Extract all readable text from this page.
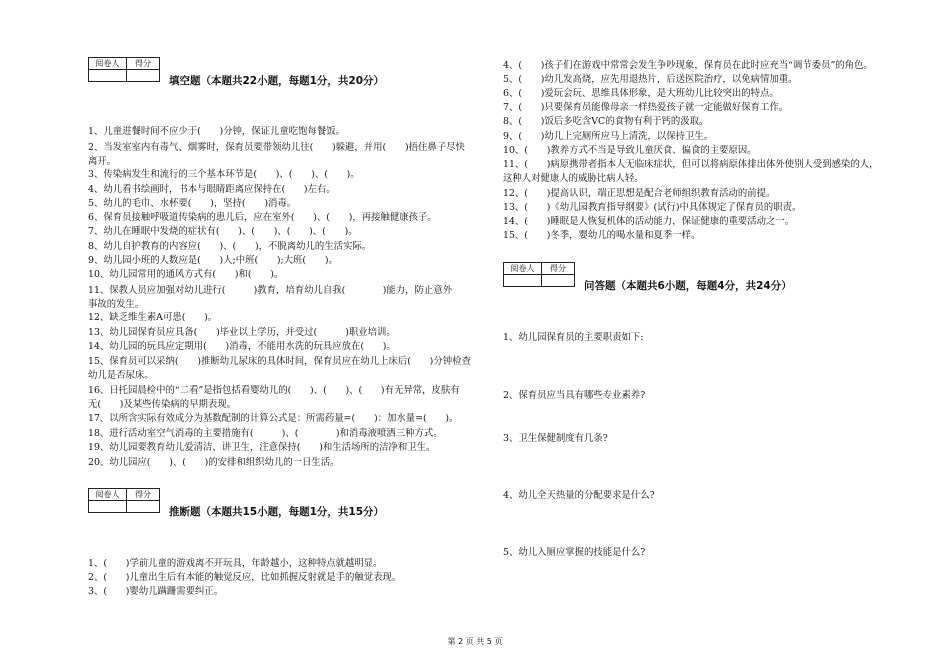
阅卷人	得分

填空题（本题共22小题，每题1分，共20分）
1、儿童进餐时间不应少于(　　)分钟，保证儿童吃饱每餐饭。
2、当发室室内有毒气、烟雾时，保育员要带领幼儿往(　　)躲避，并用(　　)捂住鼻子尽快
离开。
3、传染病发生和流行的三个基本环节是(　　)、(　　)、(　　)。
4、幼儿看书绘画时，书本与眼睛距离应保持在(　　)左右。
5、幼儿的毛巾、水杯要(　　)，坚持(　　)消毒。
6、保育员接触呼吸道传染病的患儿后，应在室外(　　)、(　　)，再接触健康孩子。
7、幼儿在睡眠中发烧的症状有(　　)、(　　)、(　　)、(　　)。
8、幼儿自护教育的内容应(　　)、(　　)，不脱离幼儿的生活实际。
9、幼儿园小班的人数应是(　　)人;中班(　　);大班(　　)。
10、幼儿园常用的通风方式有(　　)和(　　)。
11、保教人员应加强对幼儿进行(　　　)教育，培育幼儿自我(　　　　)能力，防止意外
事故的发生。
12、缺乏维生素A可患(　　)。
13、幼儿园保育员应具备(　　)毕业以上学历，并受过(　　　)职业培训。
14、幼儿园的玩具应定期用(　　)消毒，不能用水洗的玩具应放在(　　)。
15、保育员可以采纳(　　)推断幼儿尿床的具体时间，保育员应在幼儿上床后(　　)分钟检查
幼儿是否尿床。
16、日托园晨检中的“二看”是指包括看婴幼儿的(　　)、(　　)、(　　)有无异常，皮肤有
无(　　)及某些传染病的早期表现。
17、以所含实际有效成分为基数配制的计算公式是：所需药量=(　　)：加水量=(　　)。
18、进行活动室空气消毒的主要措施有(　　　)、(　　　　)和消毒液喷洒三种方式。
19、幼儿园要教育幼儿爱清洁、讲卫生，注意保持(　　)和生活场所的洁净和卫生。
20、幼儿园应(　　)、(　　)的安排和组织幼儿的一日生活。
阅卷人	得分

推断题（本题共15小题，每题1分，共15分）
1、(　　)学前儿童的游戏离不开玩具，年龄越小，这种特点就越明显。
2、(　　)儿童出生后有本能的触觉反应，比如抓握反射就是手的触觉表现。
3、(　　)婴幼儿蹒跚需要纠正。
4、(　　)孩子们在游戏中常常会发生争吵现象，保育员在此时应充当“调节委员”的角色。
5、(　　)幼儿发高烧，应先用退热片，后送医院治疗，以免病情加重。
6、(　　)爱玩会玩、思维具体形象，是大班幼儿比较突出的特点。
7、(　　)只要保育员能像母亲一样热爱孩子就一定能做好保育工作。
8、(　　)饭后多吃含VC的食物有利于钙的汲取。
9、(　　)幼儿上完厕所应马上清洗，以保持卫生。
10、(　　)教养方式不当是导致儿童厌食、偏食的主要原因。
11、(　　)病原携带者指本人无临床症状，但可以将病原体排出体外使别人受到感染的人，
这种人对健康人的威胁比病人轻。
12、(　　)提高认识，端正思想是配合老师组织教育活动的前提。
13、(　　)《幼儿园教育指导纲要》(试行)中具体规定了保育员的职责。
14、(　　)睡眠是人恢复机体的活动能力，保证健康的重要活动之一。
15、(　　)冬季，婴幼儿的喝水量和夏季一样。
阅卷人	得分

问答题（本题共6小题，每题4分，共24分）
1、幼儿园保育员的主要职责如下:
2、保育员应当具有哪些专业素养?
3、卫生保健制度有几条?
4、幼儿全天热量的分配要求是什么?
5、幼儿入厕应掌握的技能是什么?
第 2 页 共 5 页
